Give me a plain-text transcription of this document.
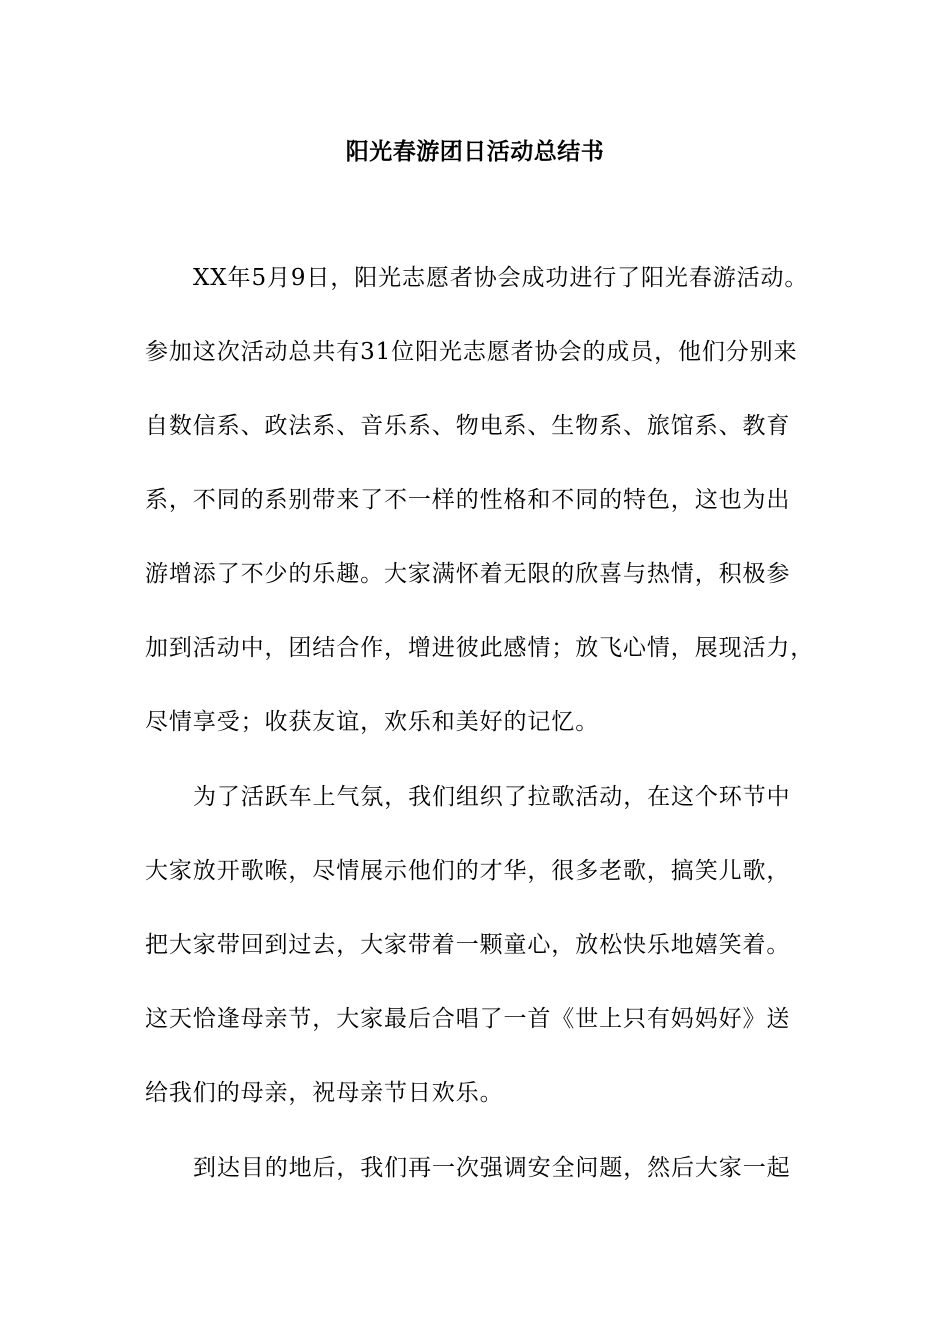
阳光春游团日活动总结书
XX年5月9日，阳光志愿者协会成功进行了阳光春游活动。
参加这次活动总共有31位阳光志愿者协会的成员，他们分别来
自数信系、政法系、音乐系、物电系、生物系、旅馆系、教育
系，不同的系别带来了不一样的性格和不同的特色，这也为出
游增添了不少的乐趣。大家满怀着无限的欣喜与热情，积极参
加到活动中，团结合作，增进彼此感情；放飞心情，展现活力，
尽情享受；收获友谊，欢乐和美好的记忆。
为了活跃车上气氛，我们组织了拉歌活动，在这个环节中
大家放开歌喉，尽情展示他们的才华，很多老歌，搞笑儿歌，
把大家带回到过去，大家带着一颗童心，放松快乐地嬉笑着。
这天恰逢母亲节，大家最后合唱了一首《世上只有妈妈好》送
给我们的母亲，祝母亲节日欢乐。
到达目的地后，我们再一次强调安全问题，然后大家一起
